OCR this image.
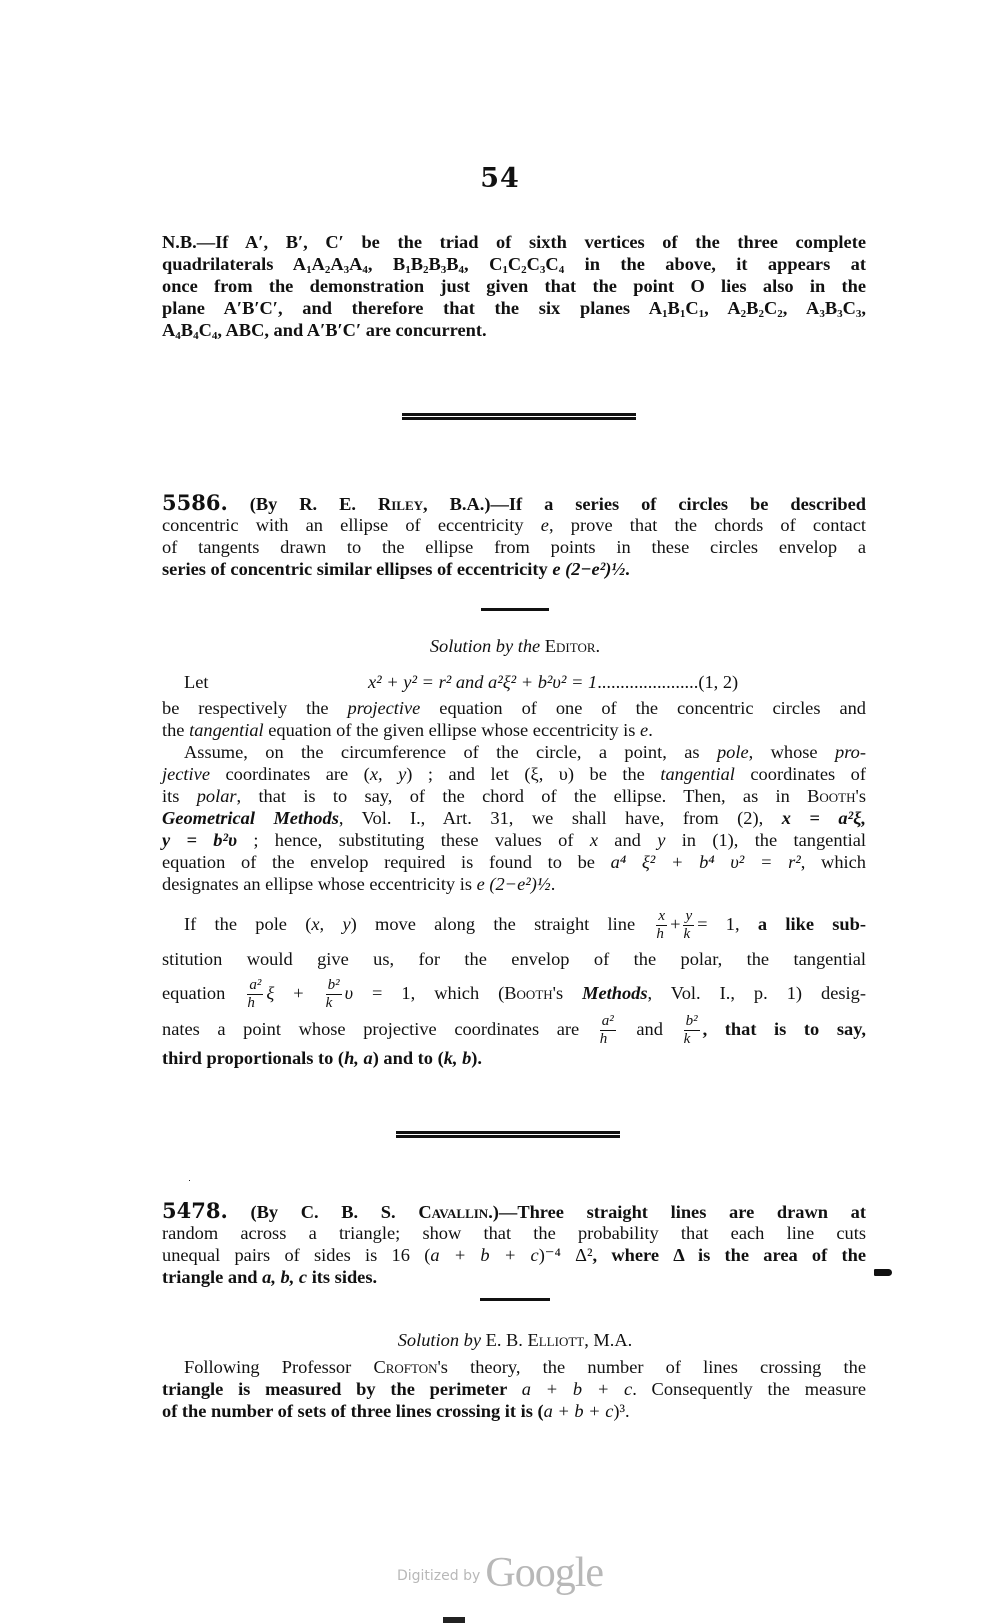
54
N.B.—If A′, B′, C′ be the triad of sixth vertices of the three complete
quadrilaterals $A_1A_2A_3A_4$, $B_1B_2B_3B_4$, $C_1C_2C_3C_4$ in the above, it appears at
once from the demonstration just given that the point O lies also in the
plane A′B′C′, and therefore that the six planes $A_1B_1C_1$, $A_2B_2C_2$, $A_3B_3C_3$,
$A_4B_4C_4$, ABC, and A′B′C′ are concurrent.
5586. (By R. E. Riley, B.A.)—If a series of circles be described
concentric with an ellipse of eccentricity e, prove that the chords of contact
of tangents drawn to the ellipse from points in these circles envelop a
series of concentric similar ellipses of eccentricity e (2−e²)½.
Solution by the Editor.
Let	x² + y² = r² and a²ξ² + b²υ² = 1......................(1, 2)
be respectively the projective equation of one of the concentric circles and
the tangential equation of the given ellipse whose eccentricity is e.
Assume, on the circumference of the circle, a point, as pole, whose pro-
jective coordinates are (x, y) ; and let (ξ, υ) be the tangential coordinates of
its polar, that is to say, of the chord of the ellipse. Then, as in Booth's
Geometrical Methods, Vol. I., Art. 31, we shall have, from (2), x = a²ξ,
y = b²υ ; hence, substituting these values of x and y in (1), the tangential
equation of the envelop required is found to be a⁴ ξ² + b⁴ υ² = r², which
designates an ellipse whose eccentricity is e (2−e²)½.
If the pole (x, y) move along the straight line $\frac{x}{h} + \frac{y}{k} = 1$, a like sub-
stitution would give us, for the envelop of the polar, the tangential
equation $\frac{\text{a²}}{h}$ $\xi + \frac{\text{b²}}{k}$ υ = 1, which (Booth's Methods, Vol. I., p. 1) desig-
nates a point whose projective coordinates are $\frac{\text{a²}}{h}$ and $\frac{\text{b²}}{k}$ , that is to say,
third proportionals to (h, a) and to (k, b).
5478. (By C. B. S. Cavallin.)—Three straight lines are drawn at
random across a triangle; show that the probability that each line cuts
unequal pairs of sides is 16 (a + b + c)⁻⁴ Δ², where Δ is the area of the
triangle and a, b, c its sides.
Solution by E. B. Elliott, M.A.
Following Professor Crofton's theory, the number of lines crossing the
triangle is measured by the perimeter a + b + c. Consequently the measure
of the number of sets of three lines crossing it is (a + b + c)³.
Digitized by Google
